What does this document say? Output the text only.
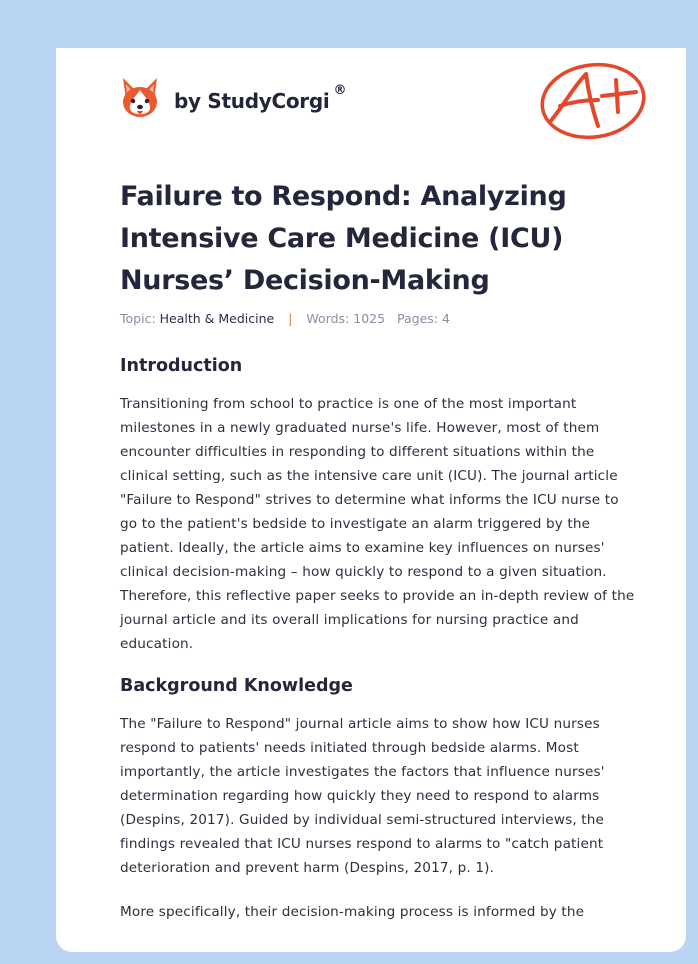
by StudyCorgi ®
A+
Failure to Respond: Analyzing Intensive Care Medicine (ICU) Nurses’ Decision-Making
Topic: Health & Medicine | Words: 1025 Pages: 4
Introduction

Transitioning from school to practice is one of the most important milestones in a newly graduated nurse's life. However, most of them encounter difficulties in responding to different situations within the clinical setting, such as the intensive care unit (ICU). The journal article "Failure to Respond" strives to determine what informs the ICU nurse to go to the patient's bedside to investigate an alarm triggered by the patient. Ideally, the article aims to examine key influences on nurses' clinical decision-making – how quickly to respond to a given situation. Therefore, this reflective paper seeks to provide an in-depth review of the journal article and its overall implications for nursing practice and education.

Background Knowledge

The "Failure to Respond" journal article aims to show how ICU nurses respond to patients' needs initiated through bedside alarms. Most importantly, the article investigates the factors that influence nurses' determination regarding how quickly they need to respond to alarms (Despins, 2017). Guided by individual semi-structured interviews, the findings revealed that ICU nurses respond to alarms to "catch patient deterioration and prevent harm (Despins, 2017, p. 1).

More specifically, their decision-making process is informed by the
